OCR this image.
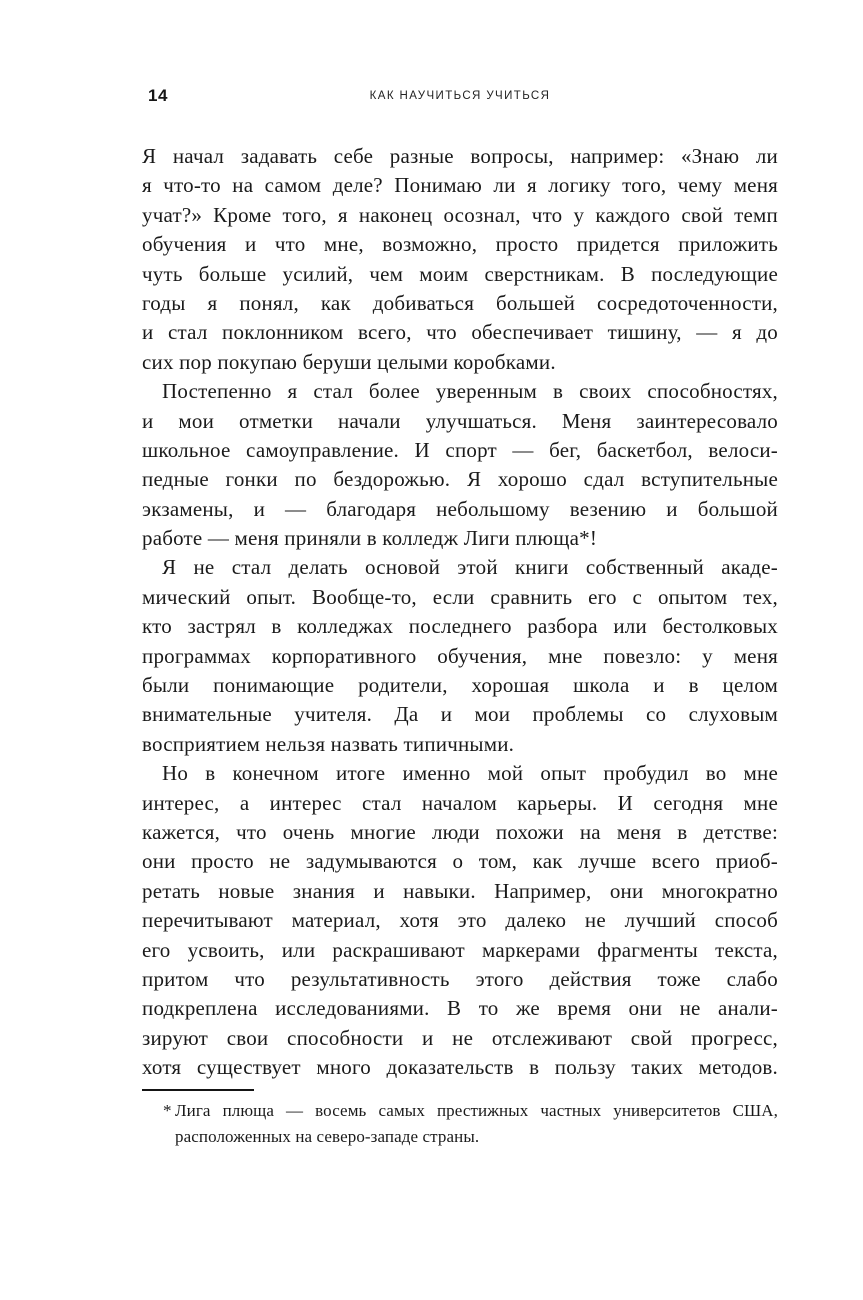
14	КАК НАУЧИТЬСЯ УЧИТЬСЯ
Я начал задавать себе разные вопросы, например: «Знаю ли
я что-то на самом деле? Понимаю ли я логику того, чему меня
учат?» Кроме того, я наконец осознал, что у каждого свой темп
обучения и что мне, возможно, просто придется приложить
чуть больше усилий, чем моим сверстникам. В последующие
годы я понял, как добиваться большей сосредоточенности,
и стал поклонником всего, что обеспечивает тишину, — я до
сих пор покупаю беруши целыми коробками.
Постепенно я стал более уверенным в своих способностях,
и мои отметки начали улучшаться. Меня заинтересовало
школьное самоуправление. И спорт — бег, баскетбол, велоси-
педные гонки по бездорожью. Я хорошо сдал вступительные
экзамены, и — благодаря небольшому везению и большой
работе — меня приняли в колледж Лиги плюща*!
Я не стал делать основой этой книги собственный акаде-
мический опыт. Вообще-то, если сравнить его с опытом тех,
кто застрял в колледжах последнего разбора или бестолковых
программах корпоративного обучения, мне повезло: у меня
были понимающие родители, хорошая школа и в целом
внимательные учителя. Да и мои проблемы со слуховым
восприятием нельзя назвать типичными.
Но в конечном итоге именно мой опыт пробудил во мне
интерес, а интерес стал началом карьеры. И сегодня мне
кажется, что очень многие люди похожи на меня в детстве:
они просто не задумываются о том, как лучше всего приоб-
ретать новые знания и навыки. Например, они многократно
перечитывают материал, хотя это далеко не лучший способ
его усвоить, или раскрашивают маркерами фрагменты текста,
притом что результативность этого действия тоже слабо
подкреплена исследованиями. В то же время они не анали-
зируют свои способности и не отслеживают свой прогресс,
хотя существует много доказательств в пользу таких методов.
* Лига плюща — восемь самых престижных частных университетов США,
расположенных на северо-западе страны.
